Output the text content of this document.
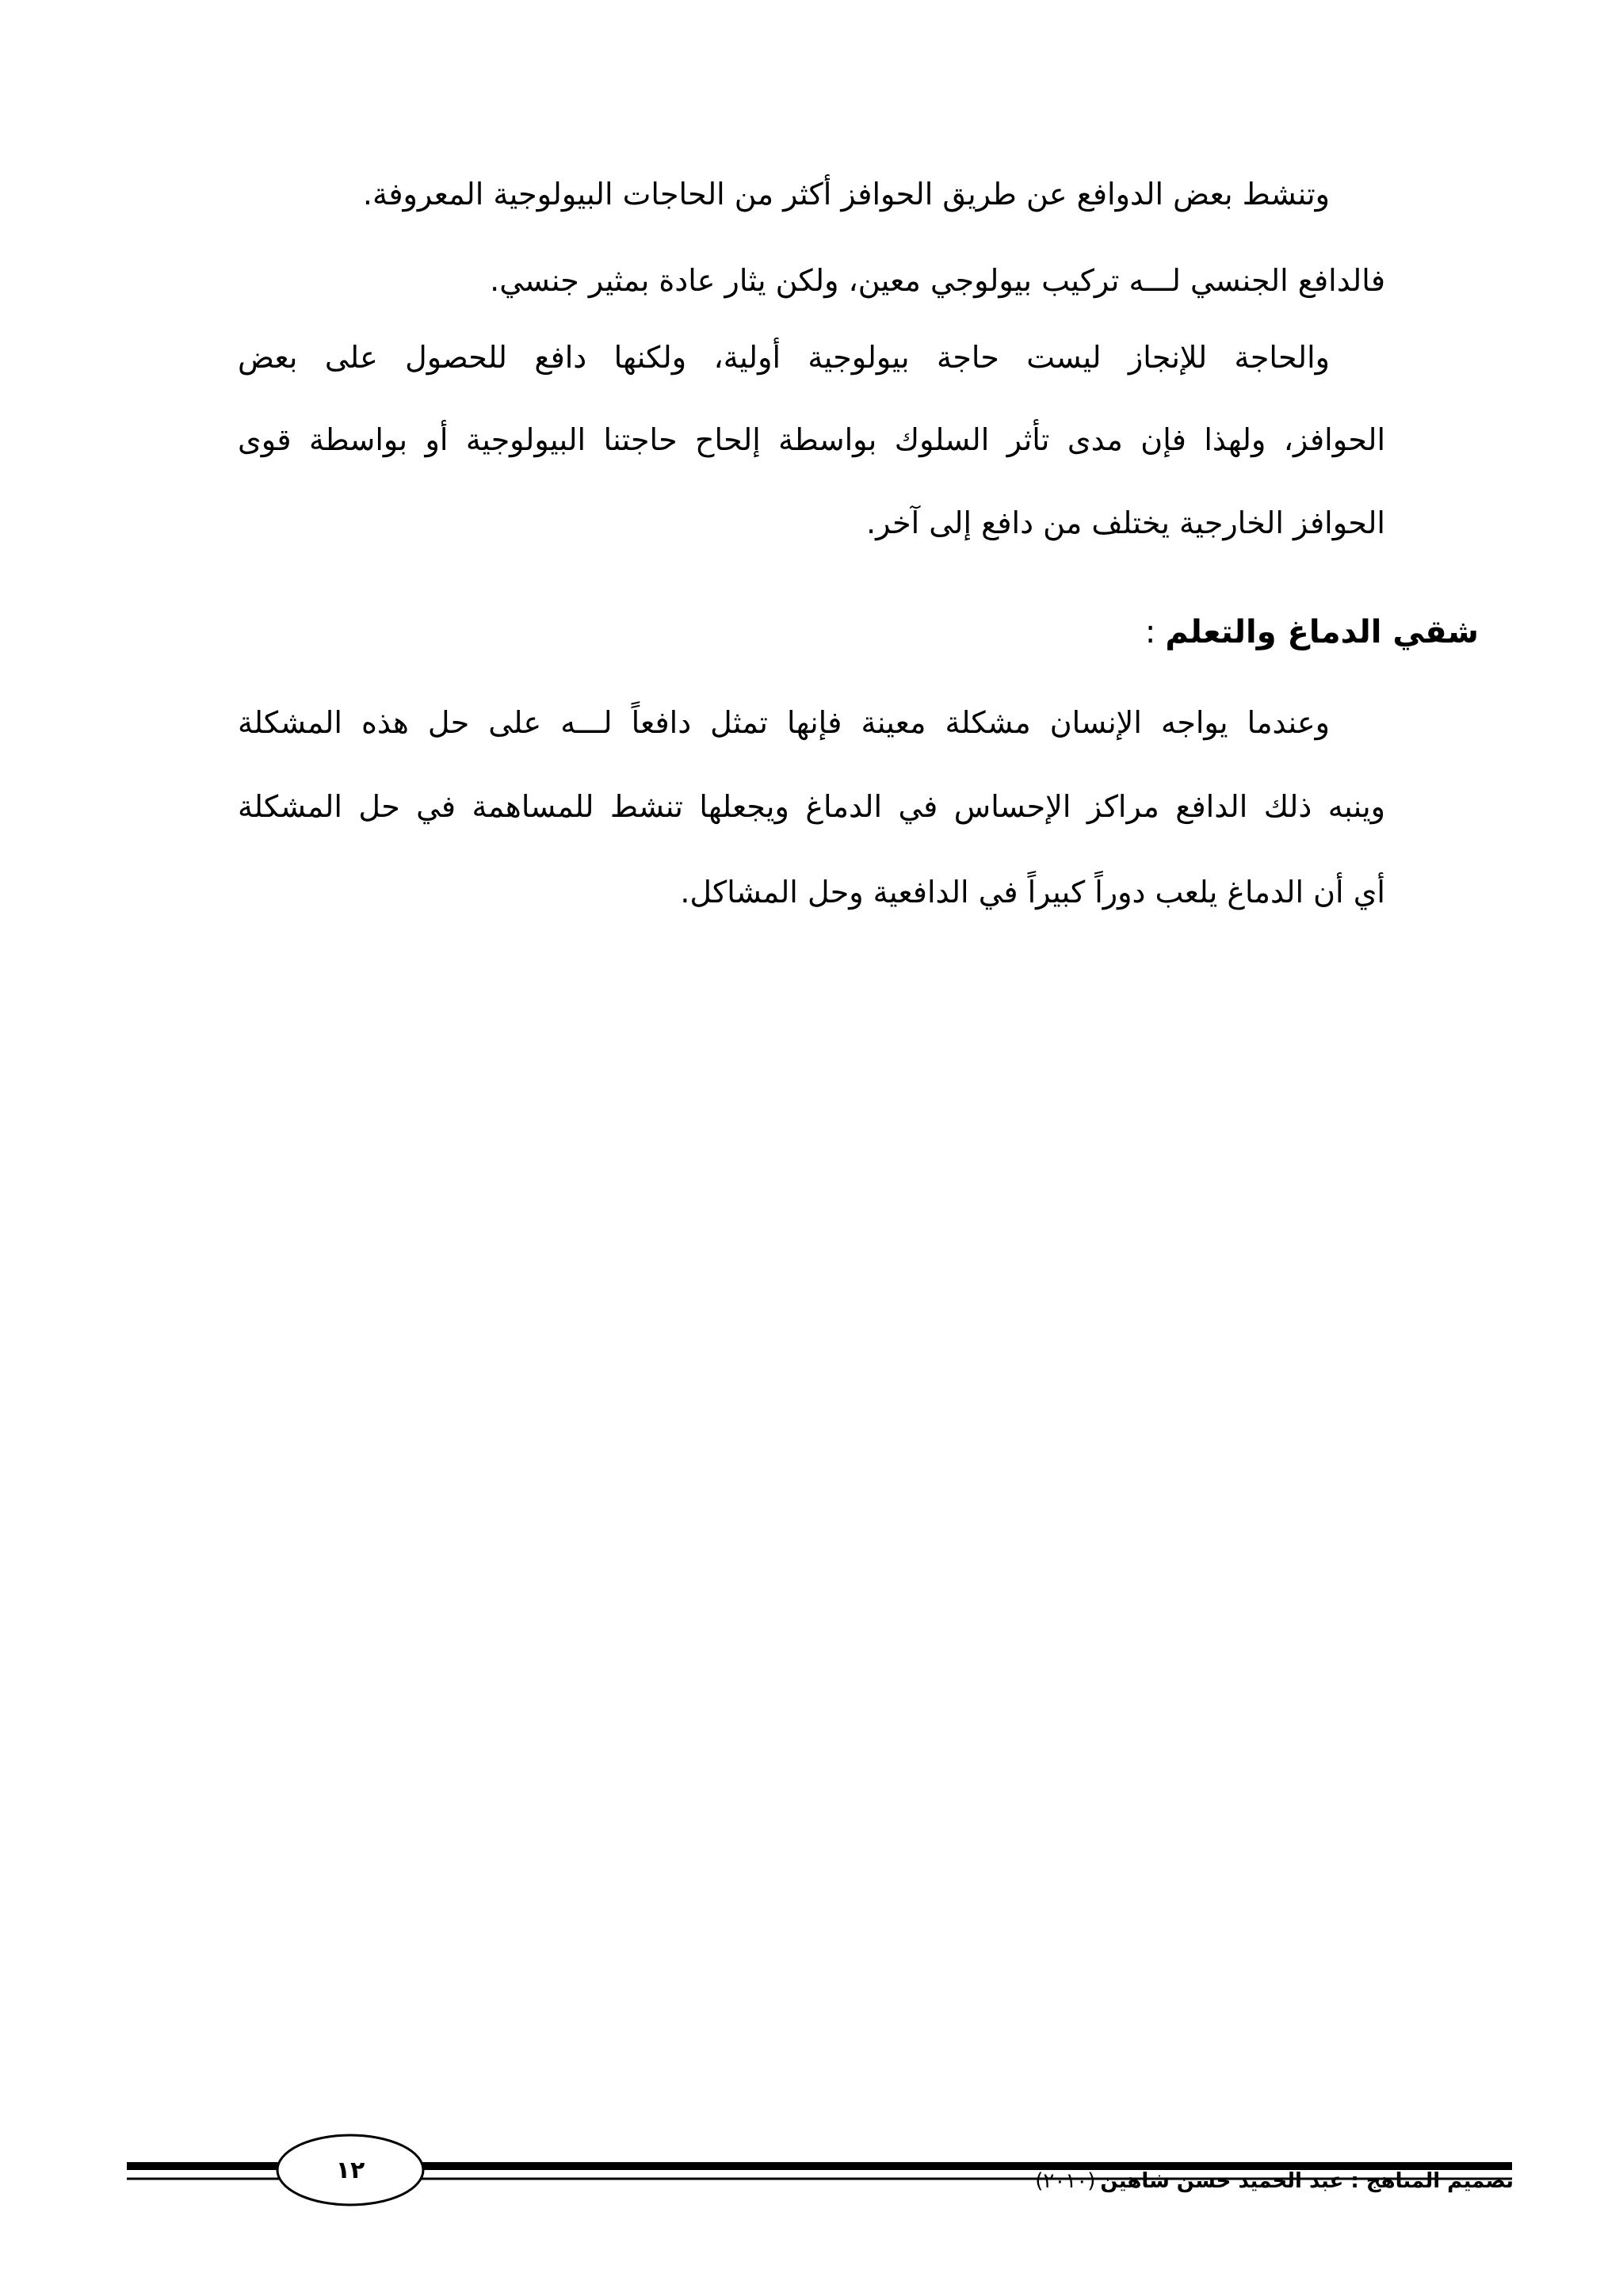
وتنشط بعض الدوافع عن طريق الحوافز أكثر من الحاجات البيولوجية المعروفة.
فالدافع الجنسي لـــه تركيب بيولوجي معين، ولكن يثار عادة بمثير جنسي.
والحاجة للإنجاز ليست حاجة بيولوجية أولية، ولكنها دافع للحصول على بعض
الحوافز، ولهذا فإن مدى تأثر السلوك بواسطة إلحاح حاجتنا البيولوجية أو بواسطة قوى
الحوافز الخارجية يختلف من دافع إلى آخر.
شقي الدماغ والتعلم:
وعندما يواجه الإنسان مشكلة معينة فإنها تمثل دافعاً لـــه على حل هذه المشكلة
وينبه ذلك الدافع مراكز الإحساس في الدماغ ويجعلها تنشط للمساهمة في حل المشكلة
أي أن الدماغ يلعب دوراً كبيراً في الدافعية وحل المشاكل.
١٢	تصميم المناهج : عبد الحميد حسن شاهين(٢٠١٠)
